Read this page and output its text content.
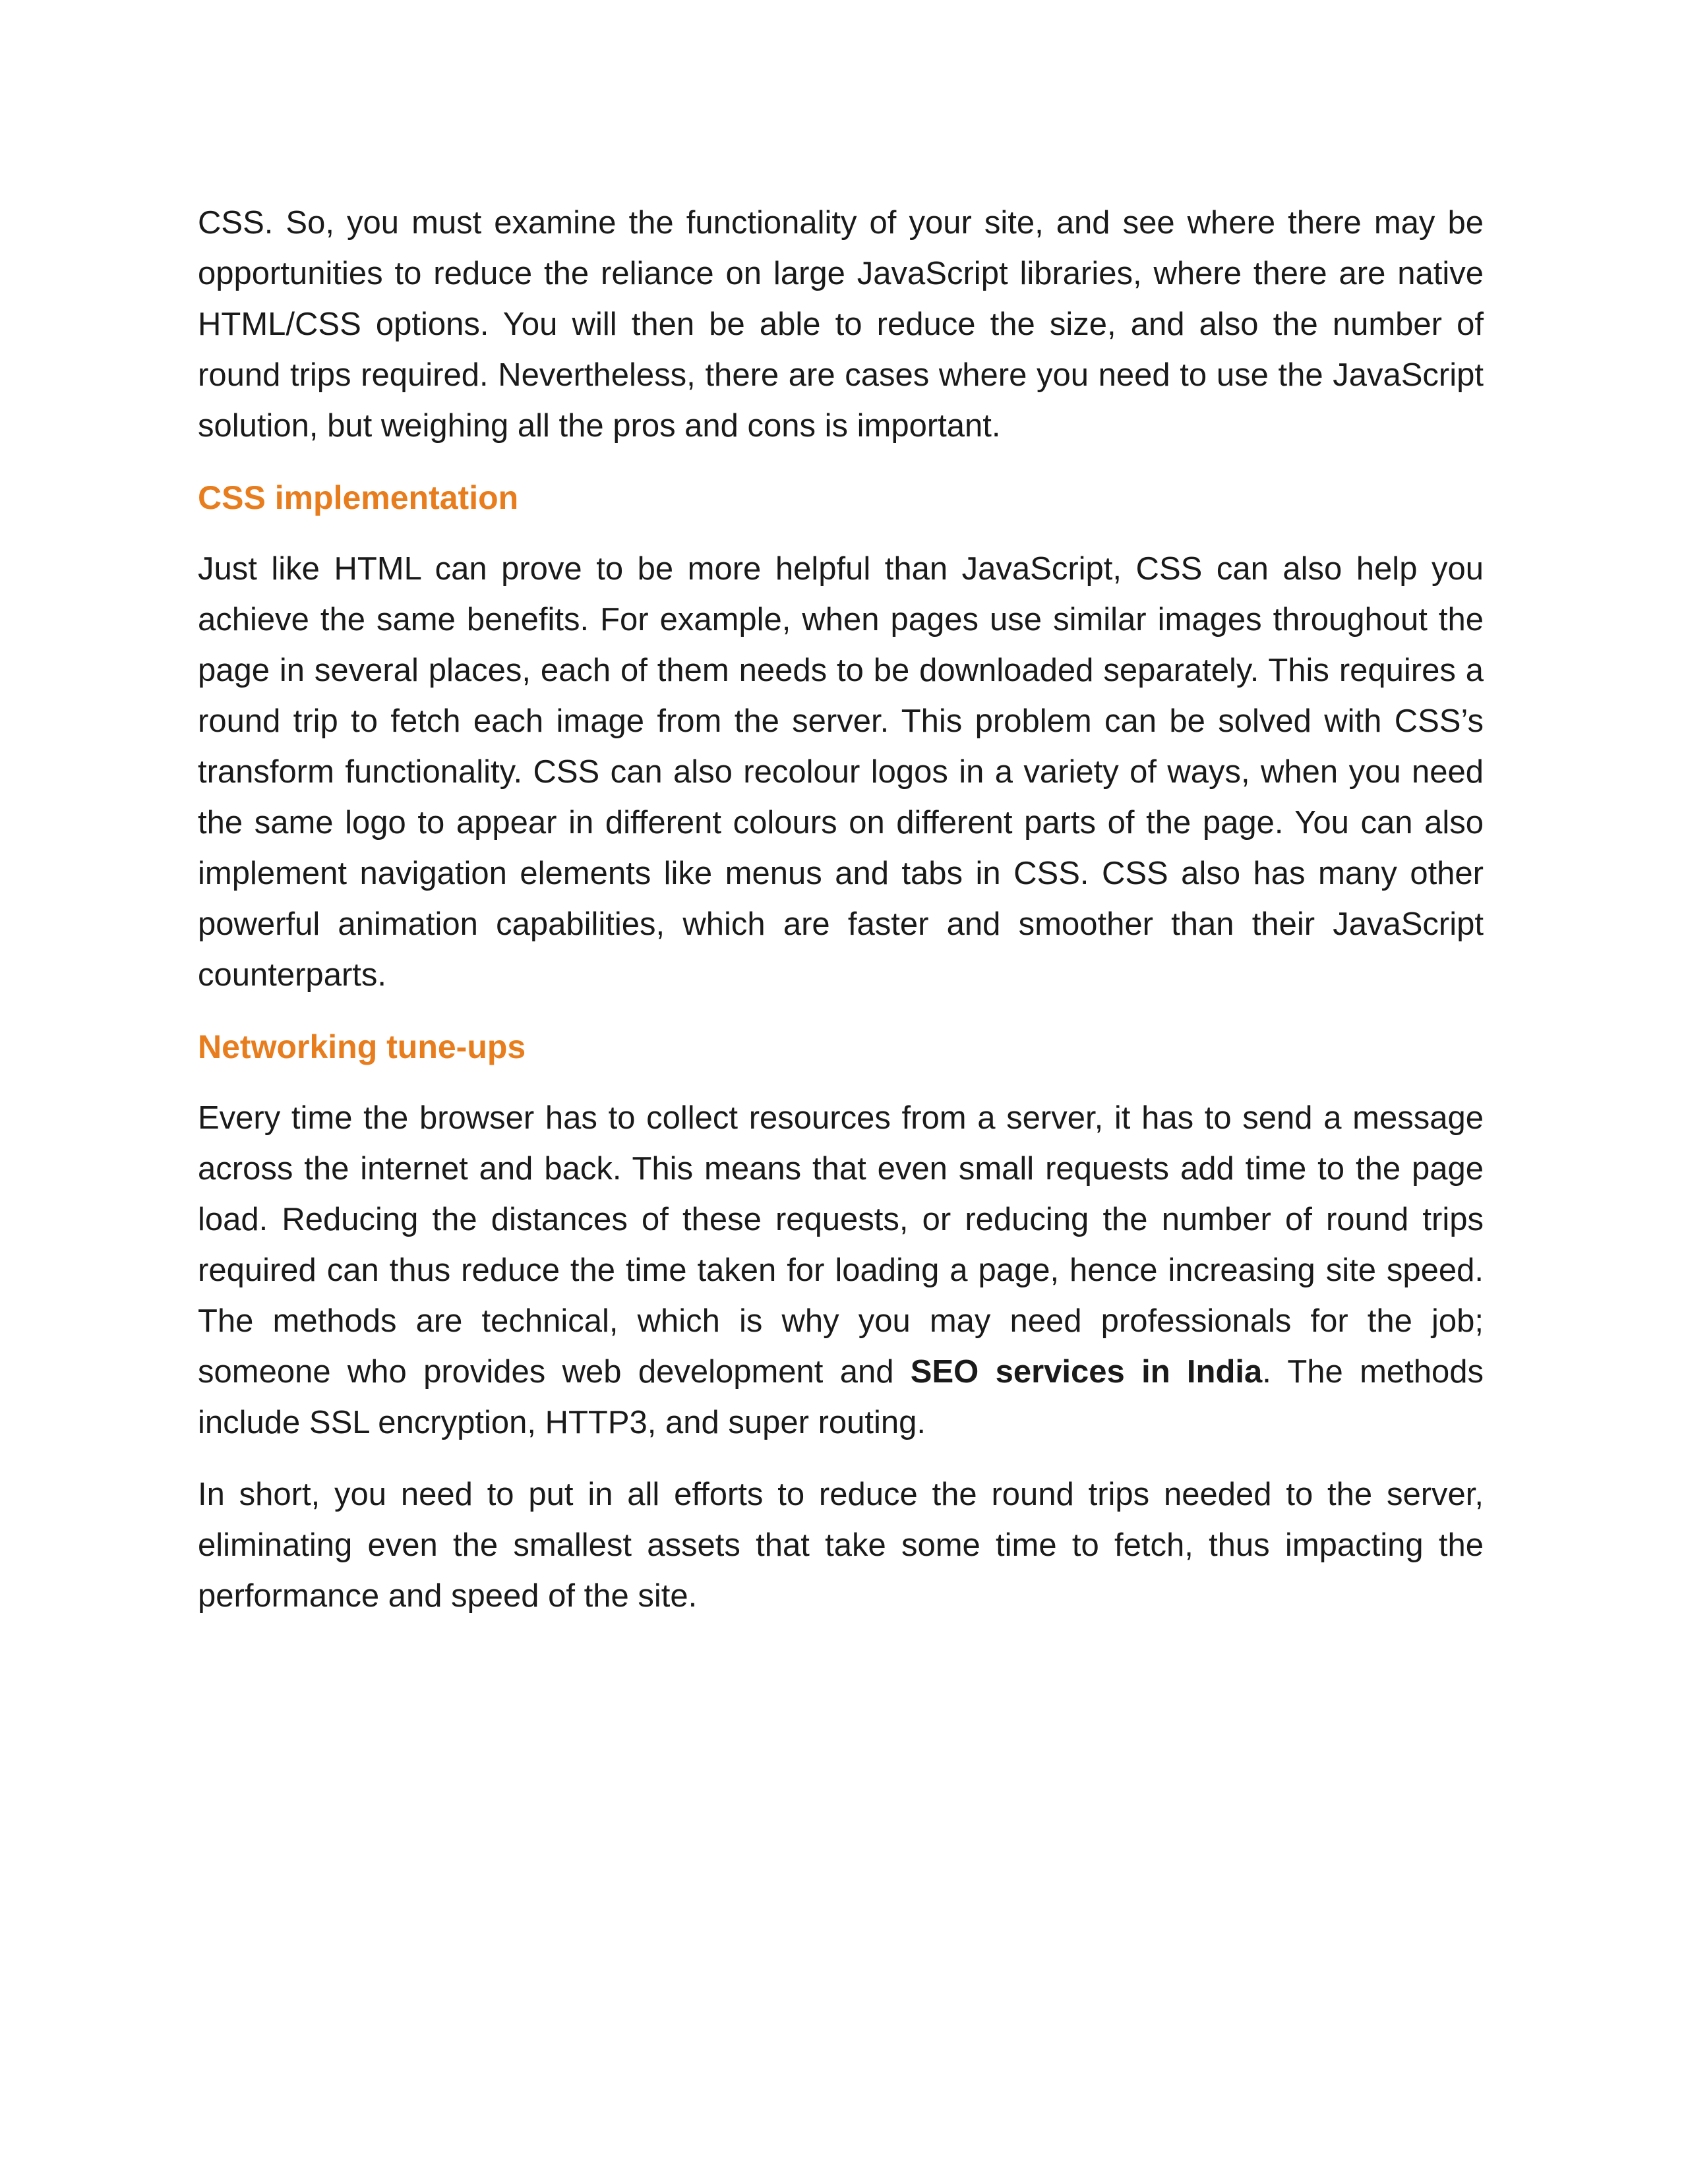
CSS. So, you must examine the functionality of your site, and see where there may be opportunities to reduce the reliance on large JavaScript libraries, where there are native HTML/CSS options. You will then be able to reduce the size, and also the number of round trips required. Nevertheless, there are cases where you need to use the JavaScript solution, but weighing all the pros and cons is important.

CSS implementation

Just like HTML can prove to be more helpful than JavaScript, CSS can also help you achieve the same benefits. For example, when pages use similar images throughout the page in several places, each of them needs to be downloaded separately. This requires a round trip to fetch each image from the server. This problem can be solved with CSS’s transform functionality. CSS can also recolour logos in a variety of ways, when you need the same logo to appear in different colours on different parts of the page. You can also implement navigation elements like menus and tabs in CSS. CSS also has many other powerful animation capabilities, which are faster and smoother than their JavaScript counterparts.

Networking tune-ups

Every time the browser has to collect resources from a server, it has to send a message across the internet and back. This means that even small requests add time to the page load. Reducing the distances of these requests, or reducing the number of round trips required can thus reduce the time taken for loading a page, hence increasing site speed. The methods are technical, which is why you may need professionals for the job; someone who provides web development and SEO services in India. The methods include SSL encryption, HTTP3, and super routing.

In short, you need to put in all efforts to reduce the round trips needed to the server, eliminating even the smallest assets that take some time to fetch, thus impacting the performance and speed of the site.
